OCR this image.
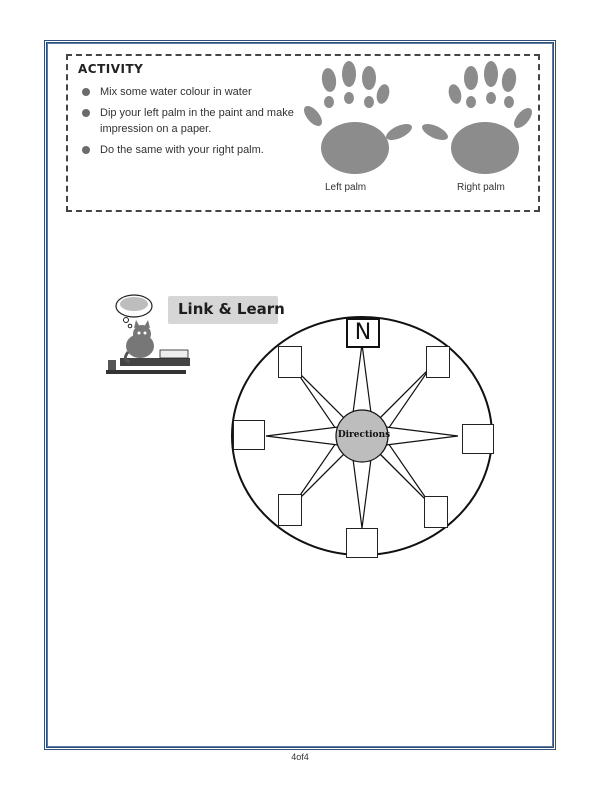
ACTIVITY
Mix some water colour in water
Dip your left palm in the paint and make impression on a paper.
Do the same with your right palm.
Left palm	Right palm
Link & Learn
N
Directions
4of4
